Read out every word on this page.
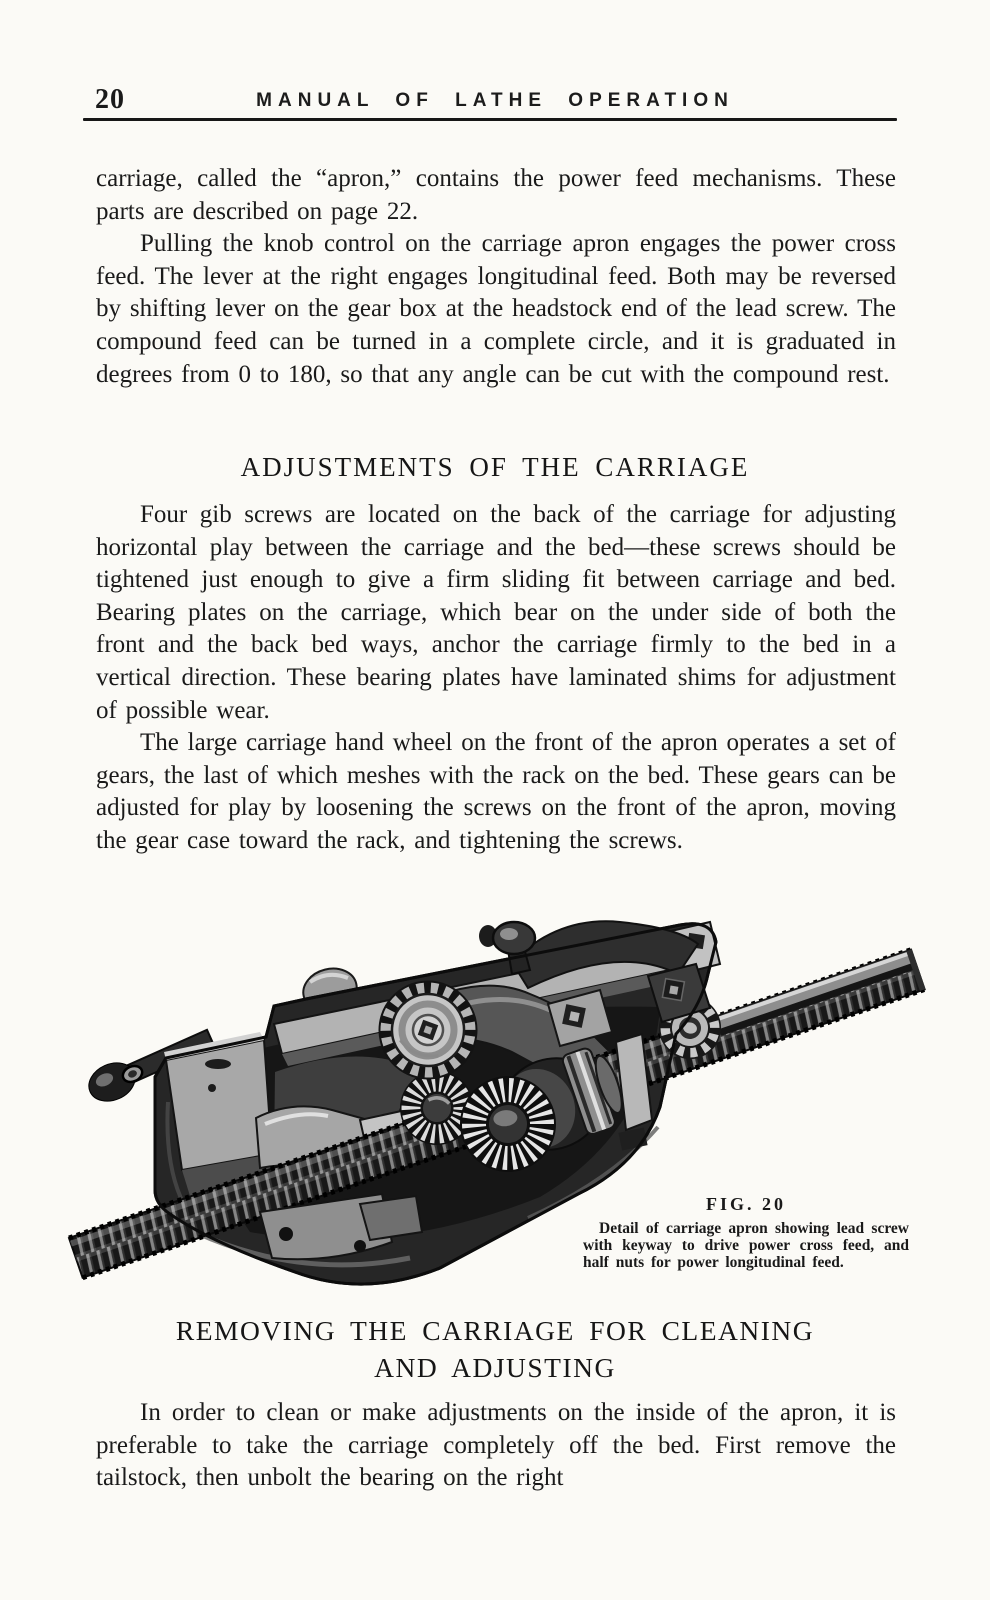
20	MANUAL OF LATHE OPERATION

carriage, called the “apron,” contains the power feed mechanisms. These parts are described on page 22.

Pulling the knob control on the carriage apron engages the power cross feed. The lever at the right engages longitudinal feed. Both may be reversed by shifting lever on the gear box at the headstock end of the lead screw. The compound feed can be turned in a complete circle, and it is graduated in degrees from 0 to 180, so that any angle can be cut with the compound rest.

ADJUSTMENTS OF THE CARRIAGE

Four gib screws are located on the back of the carriage for adjusting horizontal play between the carriage and the bed—these screws should be tightened just enough to give a firm sliding fit between carriage and bed. Bearing plates on the carriage, which bear on the under side of both the front and the back bed ways, anchor the carriage firmly to the bed in a vertical direction. These bearing plates have laminated shims for adjustment of possible wear.

The large carriage hand wheel on the front of the apron operates a set of gears, the last of which meshes with the rack on the bed. These gears can be adjusted for play by loosening the screws on the front of the apron, moving the gear case toward the rack, and tightening the screws.

FIG. 20
Detail of carriage apron showing lead screw with keyway to drive power cross feed, and half nuts for power longitudinal feed.
REMOVING THE CARRIAGE FOR CLEANING
AND ADJUSTING

In order to clean or make adjustments on the inside of the apron, it is preferable to take the carriage completely off the bed. First remove the tailstock, then unbolt the bearing on the right
